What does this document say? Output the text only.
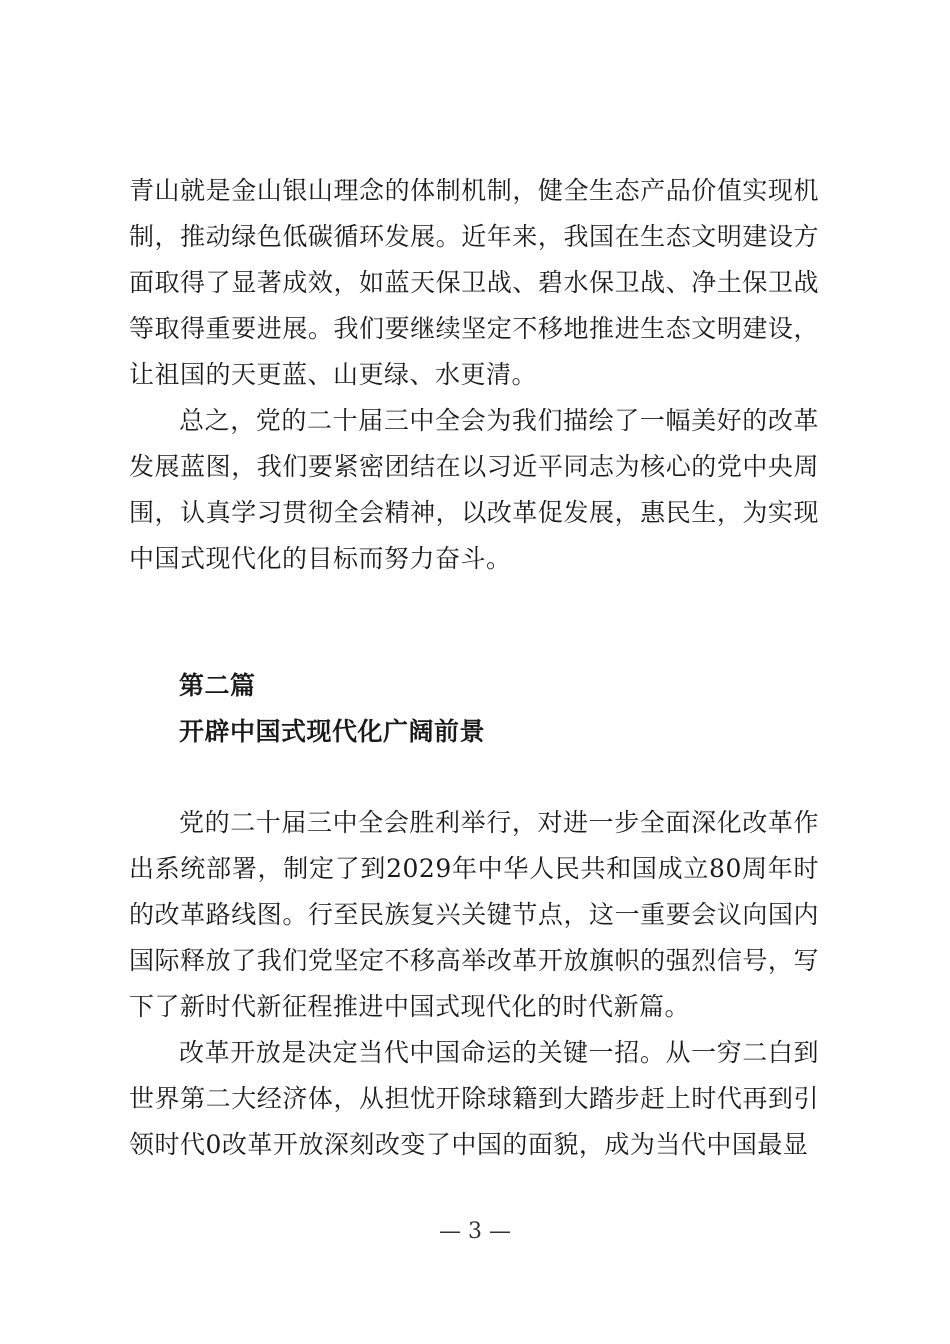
青山就是金山银山理念的体制机制，健全生态产品价值实现机制，推动绿色低碳循环发展。近年来，我国在生态文明建设方面取得了显著成效，如蓝天保卫战、碧水保卫战、净土保卫战等取得重要进展。我们要继续坚定不移地推进生态文明建设，让祖国的天更蓝、山更绿、水更清。

总之，党的二十届三中全会为我们描绘了一幅美好的改革发展蓝图，我们要紧密团结在以习近平同志为核心的党中央周围，认真学习贯彻全会精神，以改革促发展，惠民生，为实现中国式现代化的目标而努力奋斗。

第二篇
开辟中国式现代化广阔前景

党的二十届三中全会胜利举行，对进一步全面深化改革作出系统部署，制定了到2029年中华人民共和国成立80周年时的改革路线图。行至民族复兴关键节点，这一重要会议向国内国际释放了我们党坚定不移高举改革开放旗帜的强烈信号，写下了新时代新征程推进中国式现代化的时代新篇。

改革开放是决定当代中国命运的关键一招。从一穷二白到世界第二大经济体，从担忧开除球籍到大踏步赶上时代再到引领时代0改革开放深刻改变了中国的面貌，成为当代中国最显

— 3 —
